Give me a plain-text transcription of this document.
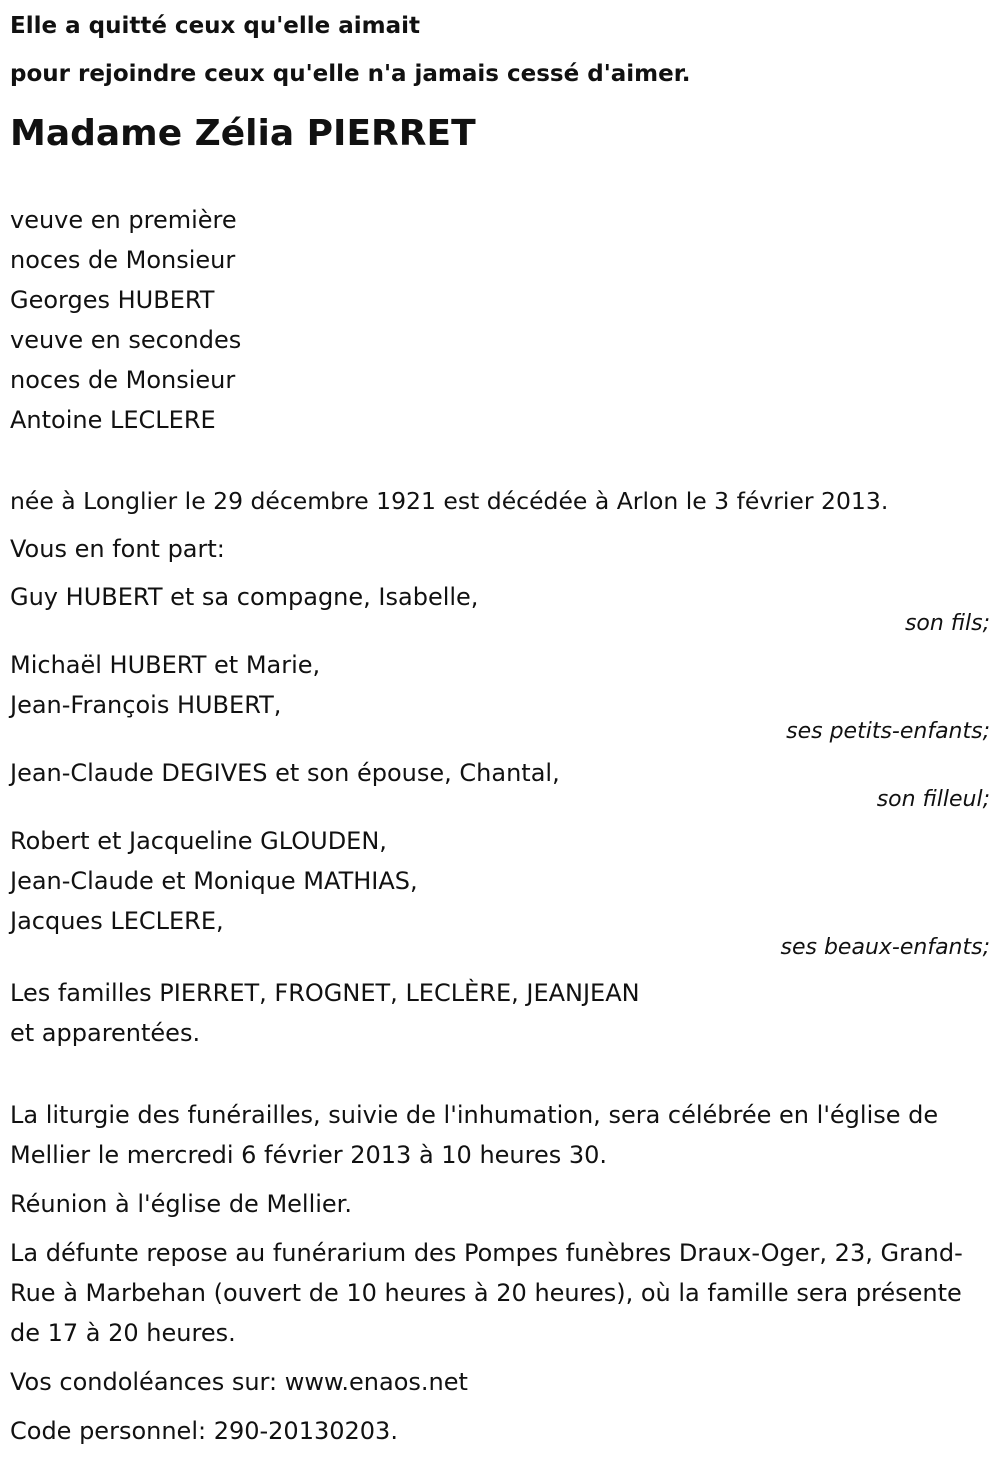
Elle a quitté ceux qu'elle aimait
pour rejoindre ceux qu'elle n'a jamais cessé d'aimer.
Madame Zélia PIERRET
veuve en première
noces de Monsieur
Georges HUBERT
veuve en secondes
noces de Monsieur
Antoine LECLERE
née à Longlier le 29 décembre 1921 est décédée à Arlon le 3 février 2013.
Vous en font part:
Guy HUBERT et sa compagne, Isabelle,
son fils;
Michaël HUBERT et Marie,
Jean-François HUBERT,
ses petits-enfants;
Jean-Claude DEGIVES et son épouse, Chantal,
son filleul;
Robert et Jacqueline GLOUDEN,
Jean-Claude et Monique MATHIAS,
Jacques LECLERE,
ses beaux-enfants;
Les familles PIERRET, FROGNET, LECLÈRE, JEANJEAN
et apparentées.
La liturgie des funérailles, suivie de l'inhumation, sera célébrée en l'église de Mellier le mercredi 6 février 2013 à 10 heures 30.
Réunion à l'église de Mellier.
La défunte repose au funérarium des Pompes funèbres Draux-Oger, 23, Grand-Rue à Marbehan (ouvert de 10 heures à 20 heures), où la famille sera présente de 17 à 20 heures.
Vos condoléances sur: www.enaos.net
Code personnel: 290-20130203.
